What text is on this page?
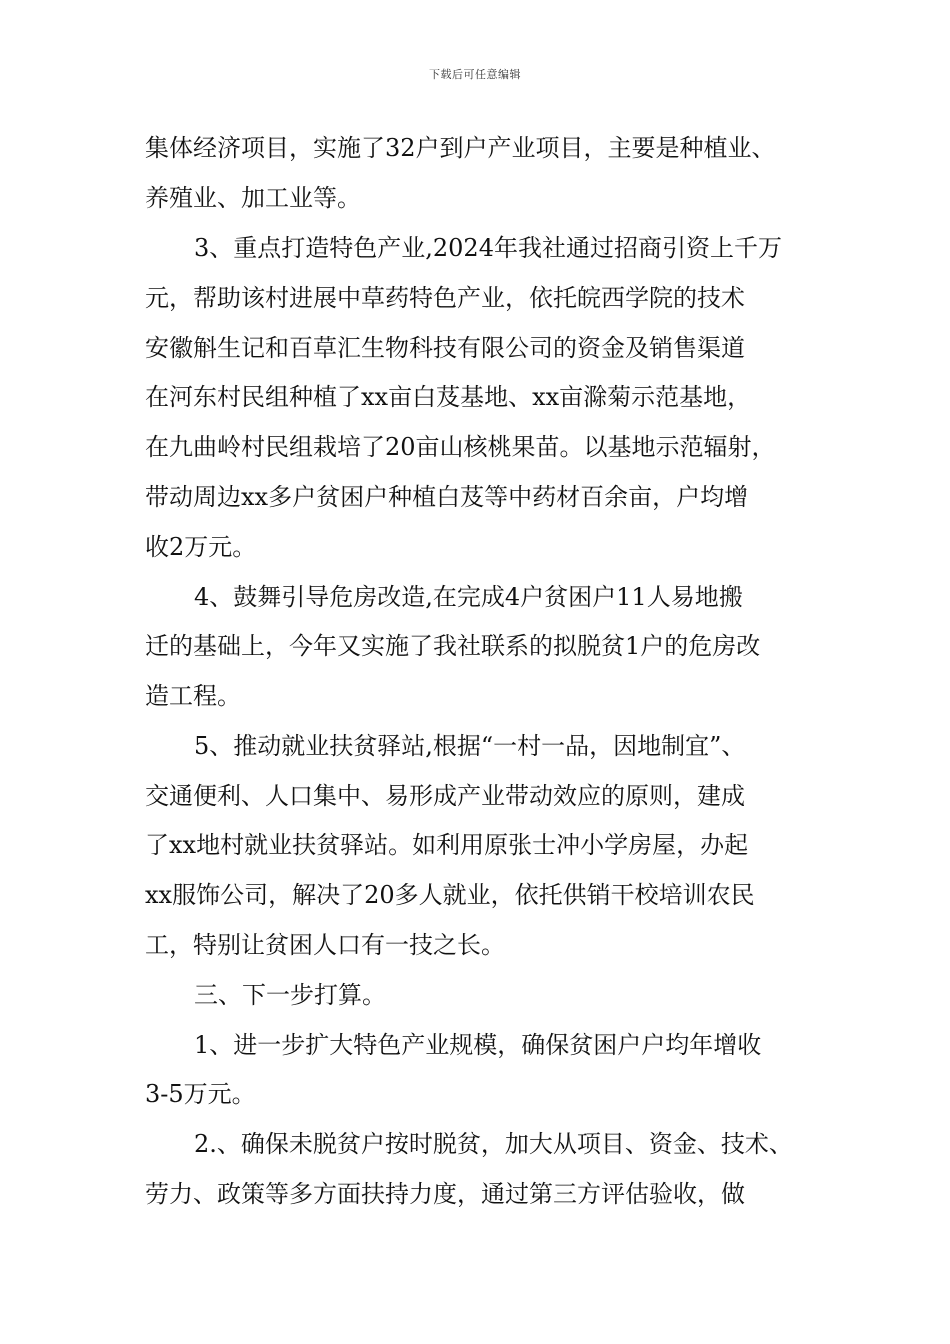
下载后可任意编辑
集体经济项目，实施了32户到户产业项目，主要是种植业、
养殖业、加工业等。
3、重点打造特色产业,2024年我社通过招商引资上千万
元，帮助该村进展中草药特色产业，依托皖西学院的技术
安徽斛生记和百草汇生物科技有限公司的资金及销售渠道
在河东村民组种植了xx亩白芨基地、xx亩滁菊示范基地，
在九曲岭村民组栽培了20亩山核桃果苗。以基地示范辐射，
带动周边xx多户贫困户种植白芨等中药材百余亩，户均增
收2万元。
4、鼓舞引导危房改造,在完成4户贫困户11人易地搬
迁的基础上，今年又实施了我社联系的拟脱贫1户的危房改
造工程。
5、推动就业扶贫驿站,根据“一村一品，因地制宜”、
交通便利、人口集中、易形成产业带动效应的原则，建成
了xx地村就业扶贫驿站。如利用原张士冲小学房屋，办起
xx服饰公司，解决了20多人就业，依托供销干校培训农民
工，特别让贫困人口有一技之长。
三、下一步打算。
1、进一步扩大特色产业规模，确保贫困户户均年增收
3-5万元。
2.、确保未脱贫户按时脱贫，加大从项目、资金、技术、
劳力、政策等多方面扶持力度，通过第三方评估验收，做
